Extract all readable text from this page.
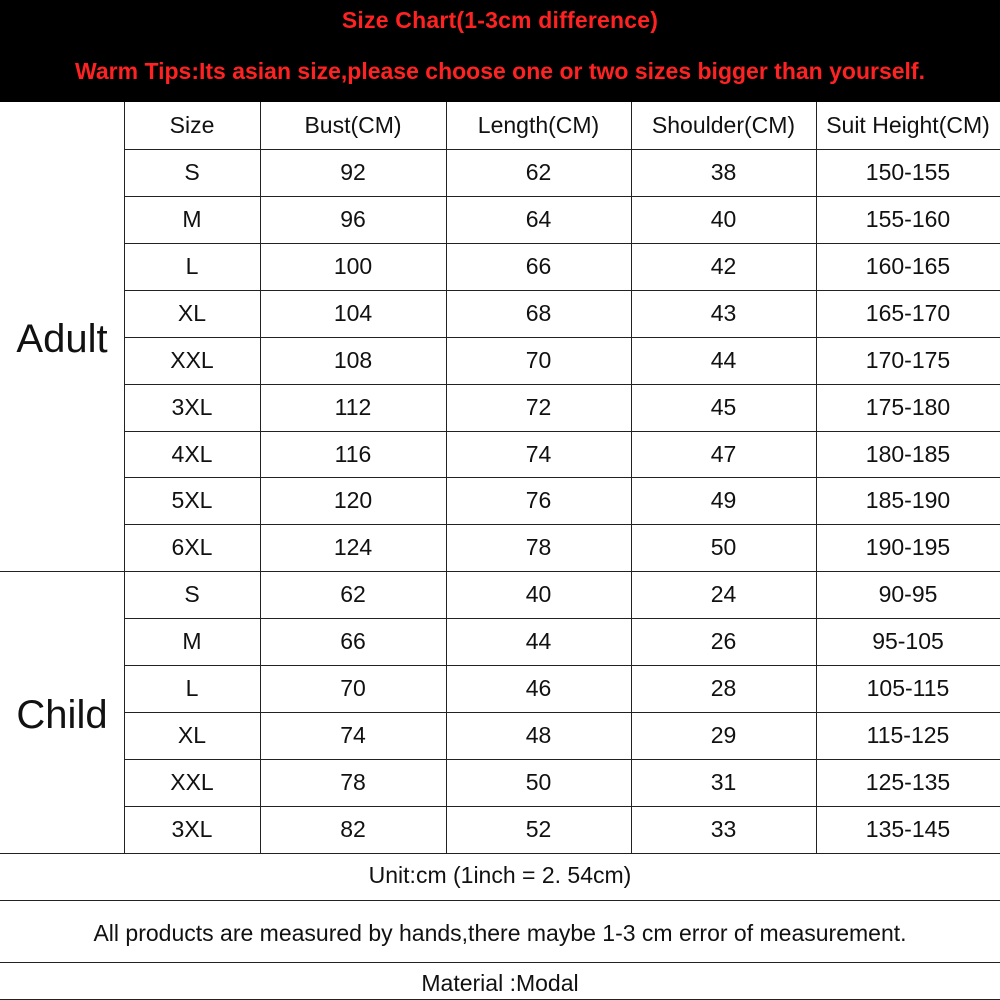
Size Chart(1-3cm difference)
Warm Tips:Its asian size,please choose one or two sizes bigger than yourself.
Adult
Child
Unit:cm (1inch = 2. 54cm)
All products are measured by hands,there maybe 1-3 cm error of measurement.
Material :Modal
Size	Bust(CM)	Length(CM)	Shoulder(CM)	Suit Height(CM)
S	92	62	38	150-155
M	96	64	40	155-160
L	100	66	42	160-165
XL	104	68	43	165-170
XXL	108	70	44	170-175
3XL	112	72	45	175-180
4XL	116	74	47	180-185
5XL	120	76	49	185-190
6XL	124	78	50	190-195
S	62	40	24	90-95
M	66	44	26	95-105
L	70	46	28	105-115
XL	74	48	29	115-125
XXL	78	50	31	125-135
3XL	82	52	33	135-145
